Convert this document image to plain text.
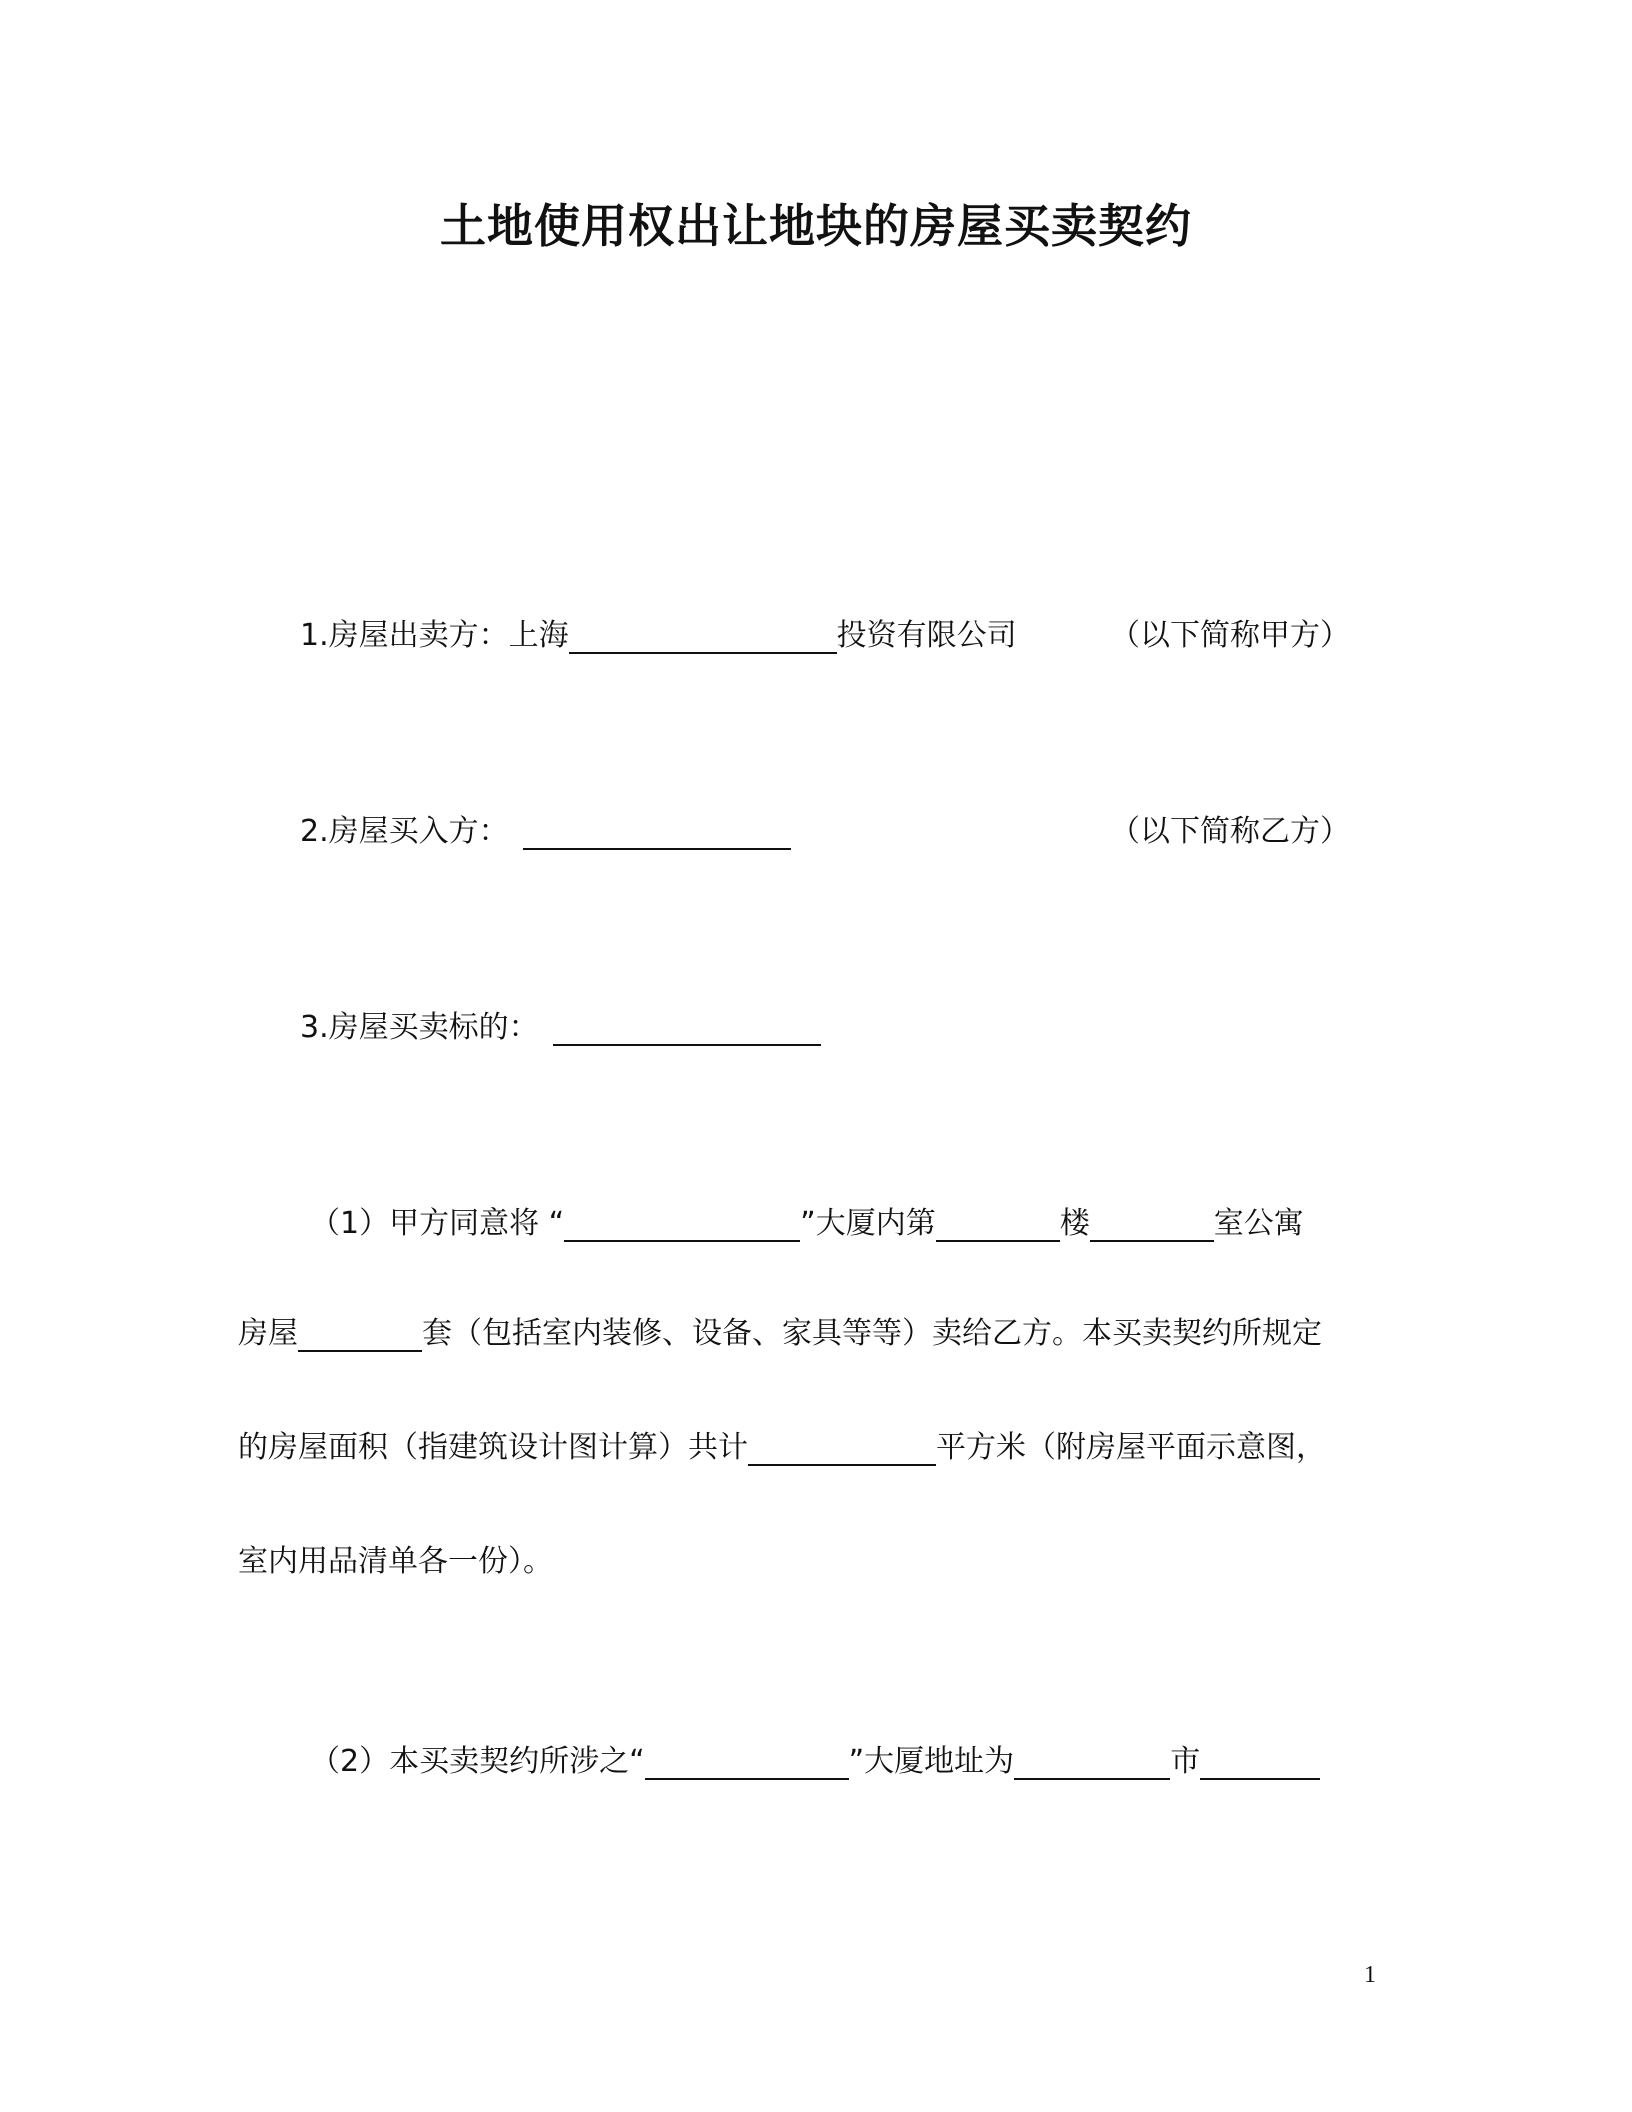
土地使用权出让地块的房屋买卖契约
1.房屋出卖方：上海	投资有限公司	（以下简称甲方）
2.房屋买入方：	（以下简称乙方）
3.房屋买卖标的：
（1）甲方同意将 “	”大厦内第	楼	室公寓
房屋	套（包括室内装修、设备、家具等等）卖给乙方。本买卖契约所规定
的房屋面积（指建筑设计图计算）共计	平方米（附房屋平面示意图，
室内用品清单各一份）。
（2）本买卖契约所涉之“	”大厦地址为	市
1
